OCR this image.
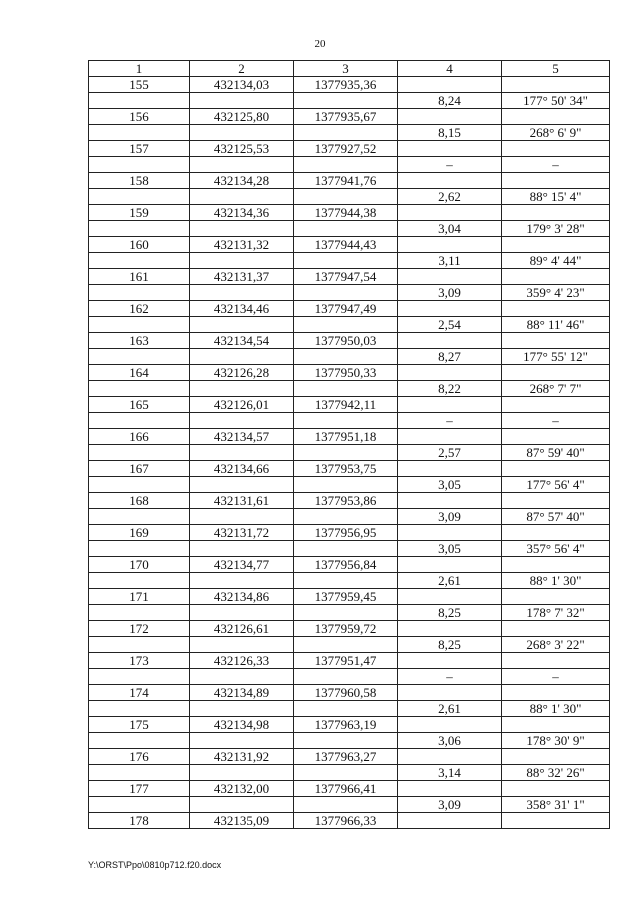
20
1	2	3	4	5
155	432134,03	1377935,36		
			8,24	177° 50' 34"
156	432125,80	1377935,67		
			8,15	268° 6' 9"
157	432125,53	1377927,52		
			–	–
158	432134,28	1377941,76		
			2,62	88° 15' 4"
159	432134,36	1377944,38		
			3,04	179° 3' 28"
160	432131,32	1377944,43		
			3,11	89° 4' 44"
161	432131,37	1377947,54		
			3,09	359° 4' 23"
162	432134,46	1377947,49		
			2,54	88° 11' 46"
163	432134,54	1377950,03		
			8,27	177° 55' 12"
164	432126,28	1377950,33		
			8,22	268° 7' 7"
165	432126,01	1377942,11		
			–	–
166	432134,57	1377951,18		
			2,57	87° 59' 40"
167	432134,66	1377953,75		
			3,05	177° 56' 4"
168	432131,61	1377953,86		
			3,09	87° 57' 40"
169	432131,72	1377956,95		
			3,05	357° 56' 4"
170	432134,77	1377956,84		
			2,61	88° 1' 30"
171	432134,86	1377959,45		
			8,25	178° 7' 32"
172	432126,61	1377959,72		
			8,25	268° 3' 22"
173	432126,33	1377951,47		
			–	–
174	432134,89	1377960,58		
			2,61	88° 1' 30"
175	432134,98	1377963,19		
			3,06	178° 30' 9"
176	432131,92	1377963,27		
			3,14	88° 32' 26"
177	432132,00	1377966,41		
			3,09	358° 31' 1"
178	432135,09	1377966,33		
Y:\ORST\Ppo\0810p712.f20.docx
